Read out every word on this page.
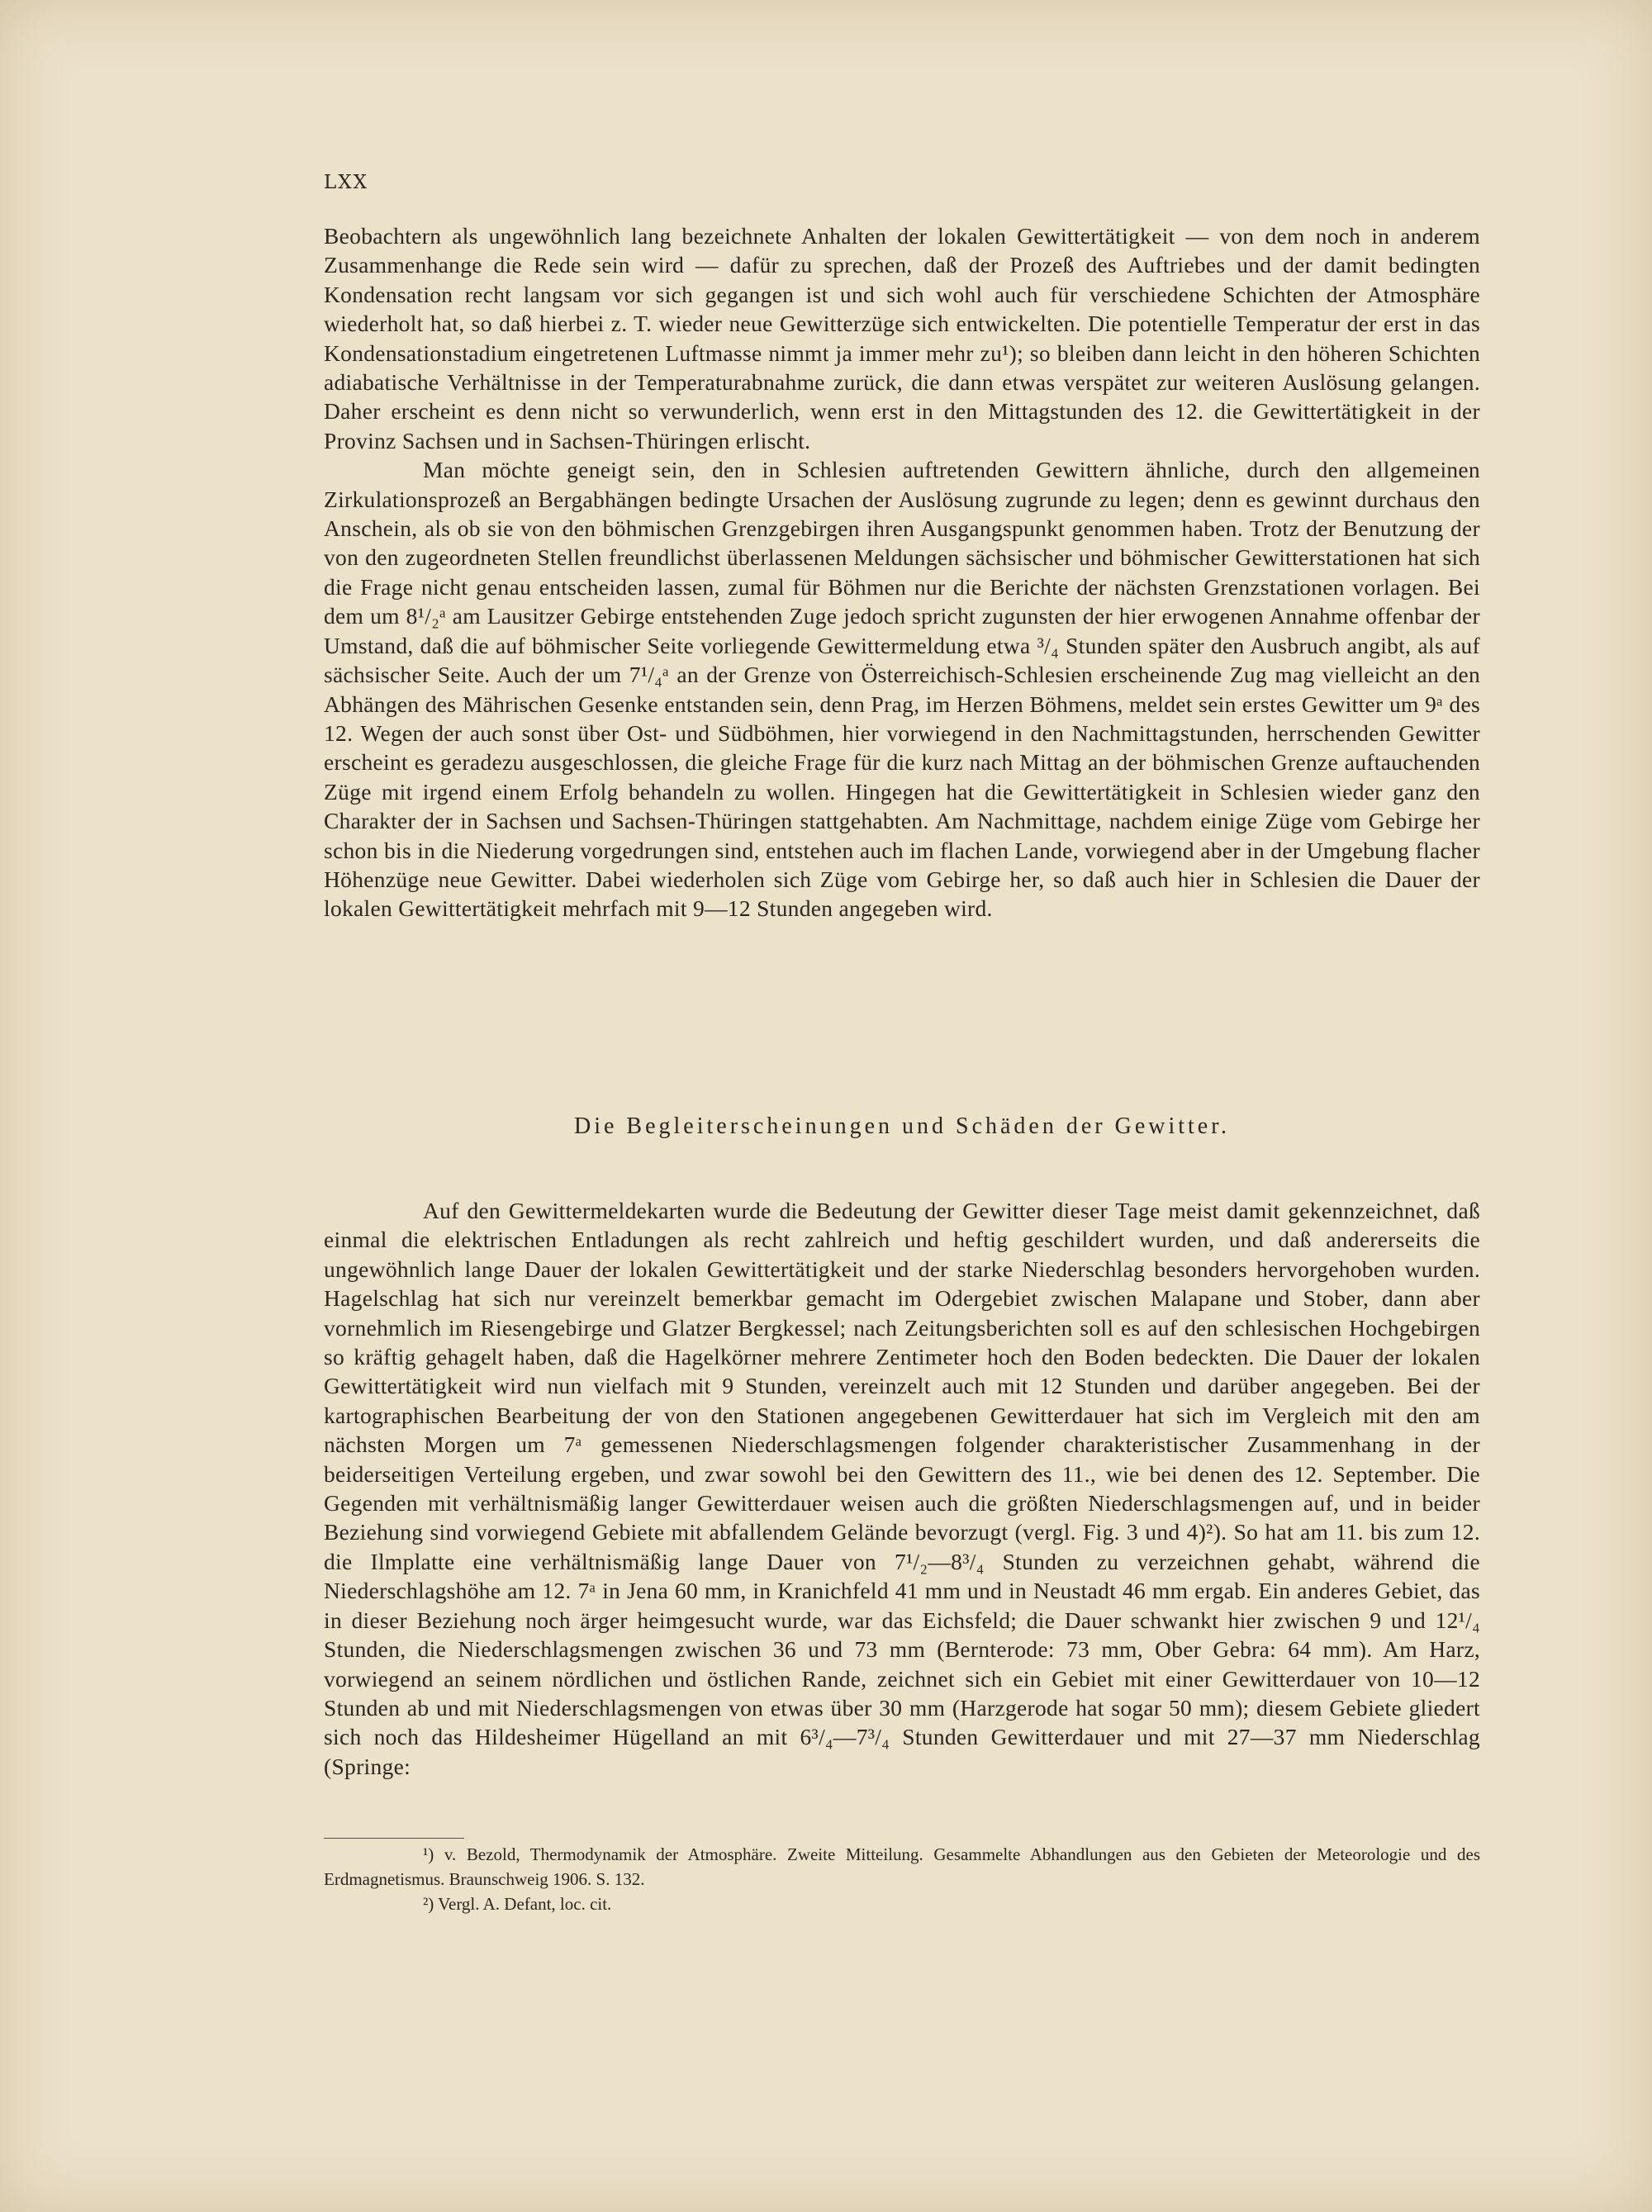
LXX

Beobachtern als ungewöhnlich lang bezeichnete Anhalten der lokalen Gewittertätigkeit — von dem noch in anderem Zusammenhange die Rede sein wird — dafür zu sprechen, daß der Prozeß des Auftriebes und der damit bedingten Kondensation recht langsam vor sich gegangen ist und sich wohl auch für verschiedene Schichten der Atmosphäre wiederholt hat, so daß hierbei z. T. wieder neue Gewitterzüge sich entwickelten. Die potentielle Temperatur der erst in das Kondensationstadium eingetretenen Luftmasse nimmt ja immer mehr zu¹); so bleiben dann leicht in den höheren Schichten adiabatische Verhältnisse in der Temperaturabnahme zurück, die dann etwas verspätet zur weiteren Auslösung gelangen. Daher erscheint es denn nicht so verwunderlich, wenn erst in den Mittagstunden des 12. die Gewittertätigkeit in der Provinz Sachsen und in Sachsen-Thüringen erlischt.

Man möchte geneigt sein, den in Schlesien auftretenden Gewittern ähnliche, durch den allgemeinen Zirkulationsprozeß an Bergabhängen bedingte Ursachen der Auslösung zugrunde zu legen; denn es gewinnt durchaus den Anschein, als ob sie von den böhmischen Grenzgebirgen ihren Ausgangspunkt genommen haben. Trotz der Benutzung der von den zugeordneten Stellen freundlichst überlassenen Meldungen sächsischer und böhmischer Gewitterstationen hat sich die Frage nicht genau entscheiden lassen, zumal für Böhmen nur die Berichte der nächsten Grenzstationen vorlagen. Bei dem um 8¹/₂ᵃ am Lausitzer Gebirge entstehenden Zuge jedoch spricht zugunsten der hier erwogenen Annahme offenbar der Umstand, daß die auf böhmischer Seite vorliegende Gewittermeldung etwa ³/₄ Stunden später den Ausbruch angibt, als auf sächsischer Seite. Auch der um 7¹/₄ᵃ an der Grenze von Österreichisch-Schlesien erscheinende Zug mag vielleicht an den Abhängen des Mährischen Gesenke entstanden sein, denn Prag, im Herzen Böhmens, meldet sein erstes Gewitter um 9ᵃ des 12. Wegen der auch sonst über Ost- und Südböhmen, hier vorwiegend in den Nachmittagstunden, herrschenden Gewitter erscheint es geradezu ausgeschlossen, die gleiche Frage für die kurz nach Mittag an der böhmischen Grenze auftauchenden Züge mit irgend einem Erfolg behandeln zu wollen. Hingegen hat die Gewittertätigkeit in Schlesien wieder ganz den Charakter der in Sachsen und Sachsen-Thüringen stattgehabten. Am Nachmittage, nachdem einige Züge vom Gebirge her schon bis in die Niederung vorgedrungen sind, entstehen auch im flachen Lande, vorwiegend aber in der Umgebung flacher Höhenzüge neue Gewitter. Dabei wiederholen sich Züge vom Gebirge her, so daß auch hier in Schlesien die Dauer der lokalen Gewittertätigkeit mehrfach mit 9—12 Stunden angegeben wird.

Die Begleiterscheinungen und Schäden der Gewitter.

Auf den Gewittermeldekarten wurde die Bedeutung der Gewitter dieser Tage meist damit gekennzeichnet, daß einmal die elektrischen Entladungen als recht zahlreich und heftig geschildert wurden, und daß andererseits die ungewöhnlich lange Dauer der lokalen Gewittertätigkeit und der starke Niederschlag besonders hervorgehoben wurden. Hagelschlag hat sich nur vereinzelt bemerkbar gemacht im Odergebiet zwischen Malapane und Stober, dann aber vornehmlich im Riesengebirge und Glatzer Bergkessel; nach Zeitungsberichten soll es auf den schlesischen Hochgebirgen so kräftig gehagelt haben, daß die Hagelkörner mehrere Zentimeter hoch den Boden bedeckten. Die Dauer der lokalen Gewittertätigkeit wird nun vielfach mit 9 Stunden, vereinzelt auch mit 12 Stunden und darüber angegeben. Bei der kartographischen Bearbeitung der von den Stationen angegebenen Gewitterdauer hat sich im Vergleich mit den am nächsten Morgen um 7ᵃ gemessenen Niederschlagsmengen folgender charakteristischer Zusammenhang in der beiderseitigen Verteilung ergeben, und zwar sowohl bei den Gewittern des 11., wie bei denen des 12. September. Die Gegenden mit verhältnismäßig langer Gewitterdauer weisen auch die größten Niederschlagsmengen auf, und in beider Beziehung sind vorwiegend Gebiete mit abfallendem Gelände bevorzugt (vergl. Fig. 3 und 4)²). So hat am 11. bis zum 12. die Ilmplatte eine verhältnismäßig lange Dauer von 7¹/₂—8³/₄ Stunden zu verzeichnen gehabt, während die Niederschlagshöhe am 12. 7ᵃ in Jena 60 mm, in Kranichfeld 41 mm und in Neustadt 46 mm ergab. Ein anderes Gebiet, das in dieser Beziehung noch ärger heimgesucht wurde, war das Eichsfeld; die Dauer schwankt hier zwischen 9 und 12¹/₄ Stunden, die Niederschlagsmengen zwischen 36 und 73 mm (Bernterode: 73 mm, Ober Gebra: 64 mm). Am Harz, vorwiegend an seinem nördlichen und östlichen Rande, zeichnet sich ein Gebiet mit einer Gewitterdauer von 10—12 Stunden ab und mit Niederschlagsmengen von etwas über 30 mm (Harzgerode hat sogar 50 mm); diesem Gebiete gliedert sich noch das Hildesheimer Hügelland an mit 6³/₄—7³/₄ Stunden Gewitterdauer und mit 27—37 mm Niederschlag (Springe:

¹) v. Bezold, Thermodynamik der Atmosphäre. Zweite Mitteilung. Gesammelte Abhandlungen aus den Gebieten der Meteorologie und des Erdmagnetismus. Braunschweig 1906. S. 132.

²) Vergl. A. Defant, loc. cit.
